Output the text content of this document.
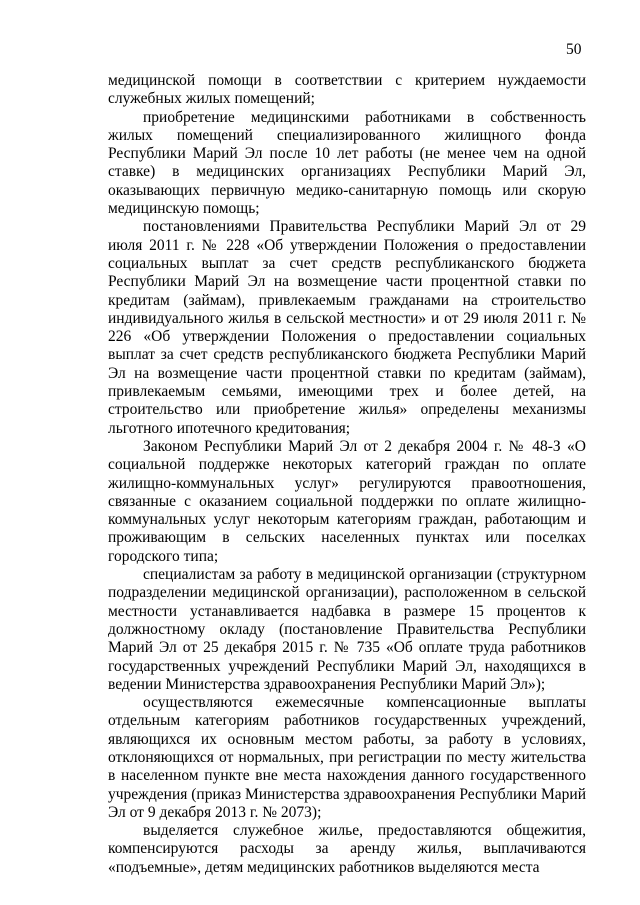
50

медицинской помощи в соответствии с критерием нуждаемости служебных жилых помещений;

приобретение медицинскими работниками в собственность жилых помещений специализированного жилищного фонда Республики Марий Эл после 10 лет работы (не менее чем на одной ставке) в медицинских организациях Республики Марий Эл, оказывающих первичную медико-санитарную помощь или скорую медицинскую помощь;

постановлениями Правительства Республики Марий Эл от 29 июля 2011 г. № 228 «Об утверждении Положения о предоставлении социальных выплат за счет средств республиканского бюджета Республики Марий Эл на возмещение части процентной ставки по кредитам (займам), привлекаемым гражданами на строительство индивидуального жилья в сельской местности» и от 29 июля 2011 г. № 226 «Об утверждении Положения о предоставлении социальных выплат за счет средств республиканского бюджета Республики Марий Эл на возмещение части процентной ставки по кредитам (займам), привлекаемым семьями, имеющими трех и более детей, на строительство или приобретение жилья» определены механизмы льготного ипотечного кредитования;

Законом Республики Марий Эл от 2 декабря 2004 г. № 48-З «О социальной поддержке некоторых категорий граждан по оплате жилищно-коммунальных услуг» регулируются правоотношения, связанные с оказанием социальной поддержки по оплате жилищно-коммунальных услуг некоторым категориям граждан, работающим и проживающим в сельских населенных пунктах или поселках городского типа;

специалистам за работу в медицинской организации (структурном подразделении медицинской организации), расположенном в сельской местности устанавливается надбавка в размере 15 процентов к должностному окладу (постановление Правительства Республики Марий Эл от 25 декабря 2015 г. № 735 «Об оплате труда работников государственных учреждений Республики Марий Эл, находящихся в ведении Министерства здравоохранения Республики Марий Эл»);

осуществляются ежемесячные компенсационные выплаты отдельным категориям работников государственных учреждений, являющихся их основным местом работы, за работу в условиях, отклоняющихся от нормальных, при регистрации по месту жительства в населенном пункте вне места нахождения данного государственного учреждения (приказ Министерства здравоохранения Республики Марий Эл от 9 декабря 2013 г. № 2073);

выделяется служебное жилье, предоставляются общежития, компенсируются расходы за аренду жилья, выплачиваются «подъемные», детям медицинских работников выделяются места
